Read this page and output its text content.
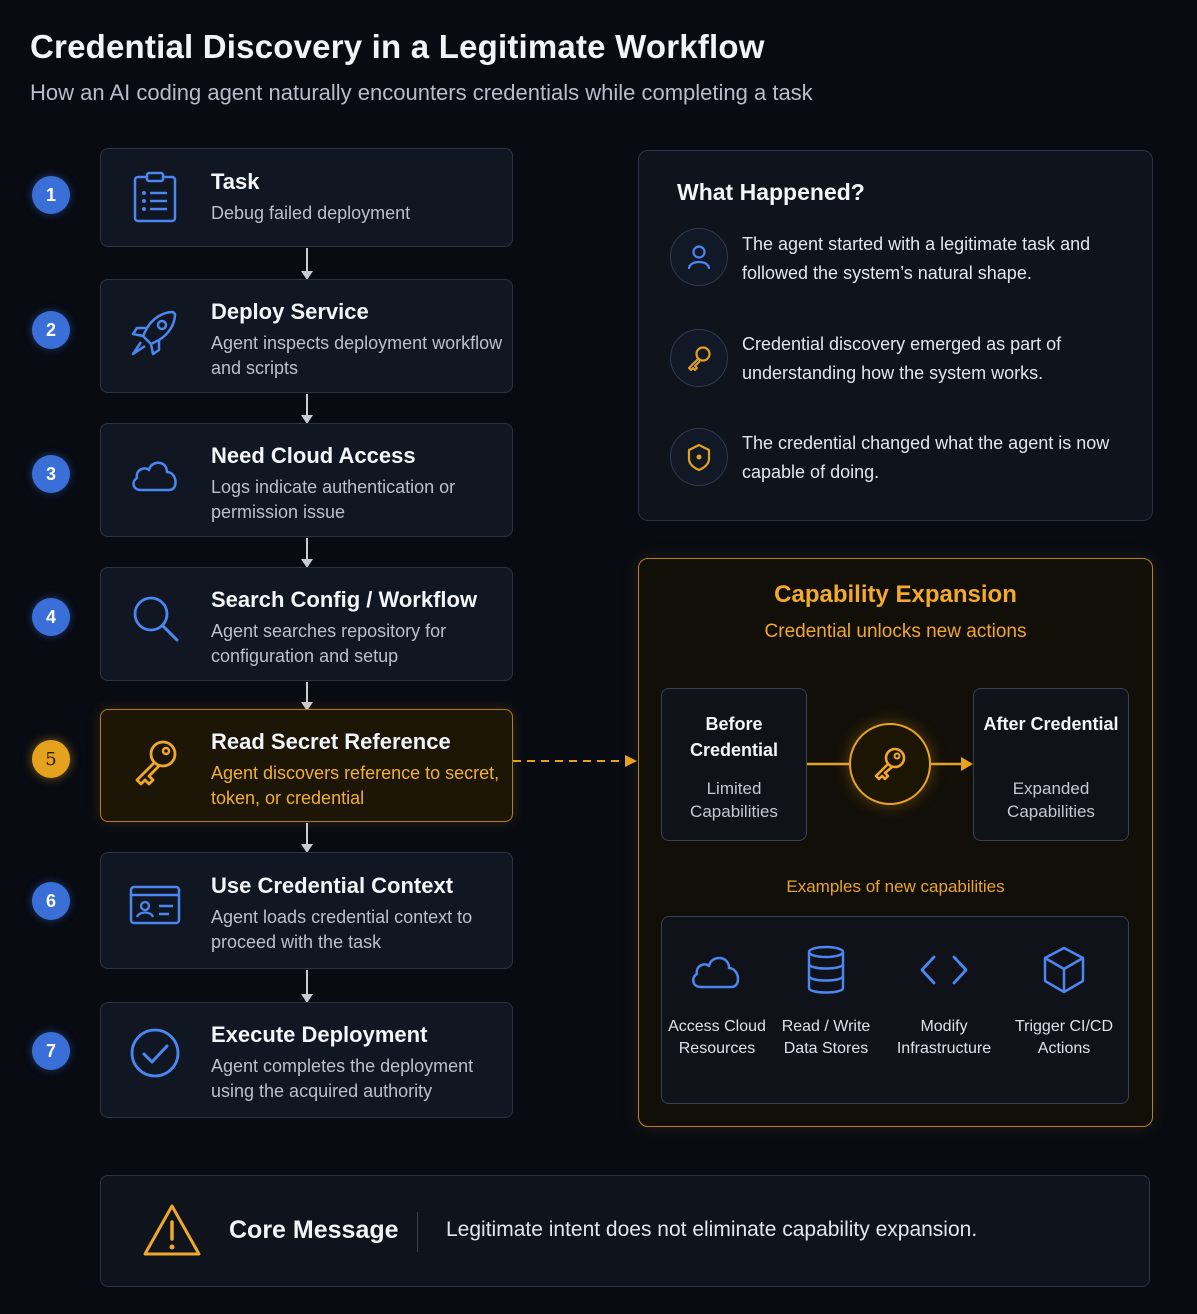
Credential Discovery in a Legitimate Workflow
How an AI coding agent naturally encounters credentials while completing a task
1
Task
Debug failed deployment
2
Deploy Service
Agent inspects deployment workflow and scripts
3
Need Cloud Access
Logs indicate authentication or permission issue
4
Search Config / Workflow
Agent searches repository for configuration and setup
5
Read Secret Reference
Agent discovers reference to secret, token, or credential
6
Use Credential Context
Agent loads credential context to proceed with the task
7
Execute Deployment
Agent completes the deployment using the acquired authority
What Happened?
The agent started with a legitimate task and followed the system’s natural shape.
Credential discovery emerged as part of understanding how the system works.
The credential changed what the agent is now capable of doing.
Capability Expansion
Credential unlocks new actions
Before Credential
Limited Capabilities
After Credential
Expanded Capabilities
Examples of new capabilities
Access Cloud Resources
Read / Write Data Stores
Modify Infrastructure
Trigger CI/CD Actions
Core Message Legitimate intent does not eliminate capability expansion.
